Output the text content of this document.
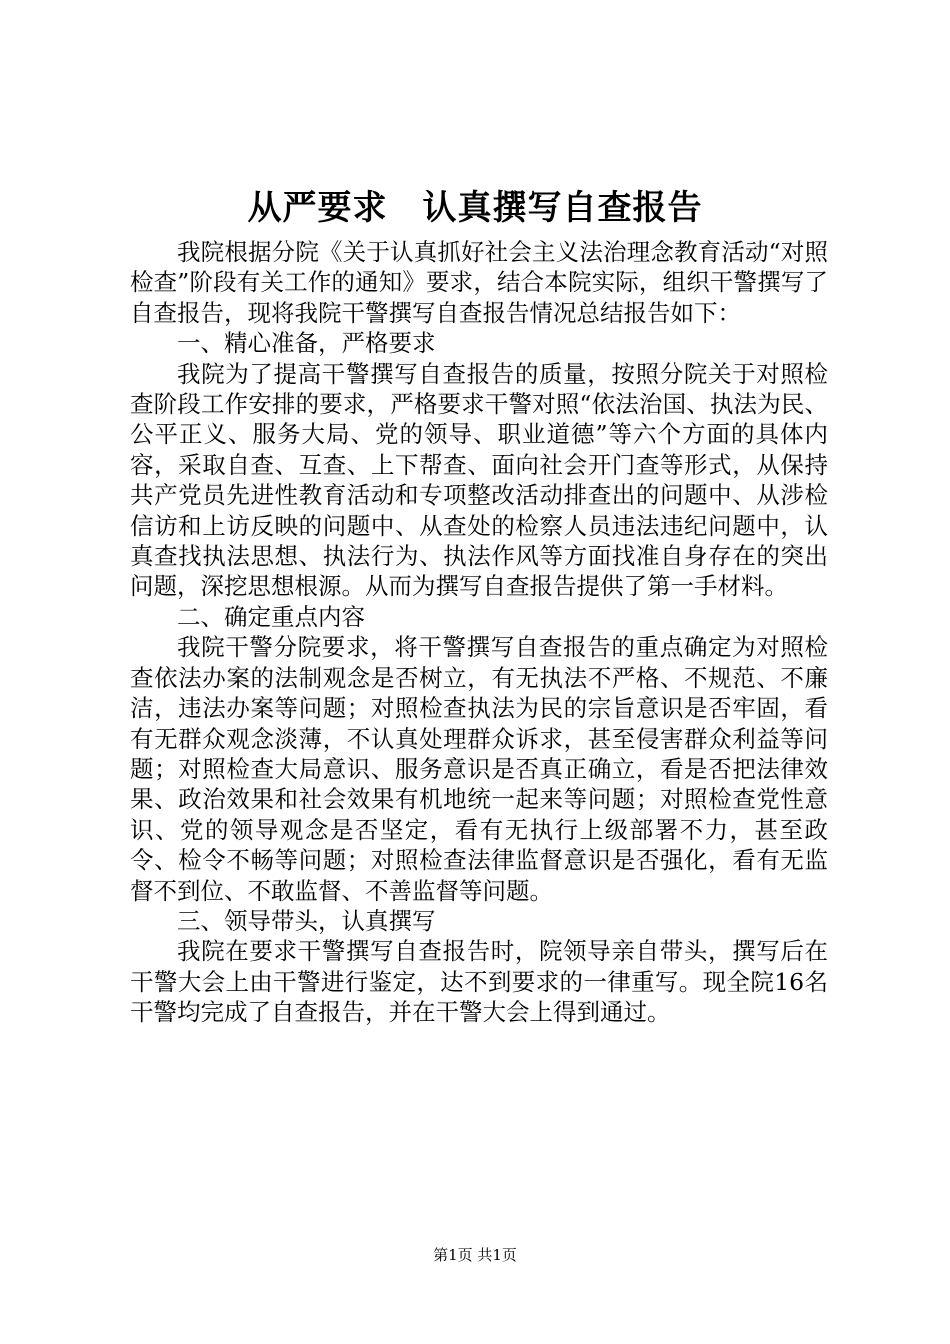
从严要求　认真撰写自查报告

我院根据分院《关于认真抓好社会主义法治理念教育活动“对照检查”阶段有关工作的通知》要求，结合本院实际，组织干警撰写了自查报告，现将我院干警撰写自查报告情况总结报告如下：

一、精心准备，严格要求

我院为了提高干警撰写自查报告的质量，按照分院关于对照检查阶段工作安排的要求，严格要求干警对照“依法治国、执法为民、公平正义、服务大局、党的领导、职业道德”等六个方面的具体内容，采取自查、互查、上下帮查、面向社会开门查等形式，从保持共产党员先进性教育活动和专项整改活动排查出的问题中、从涉检信访和上访反映的问题中、从查处的检察人员违法违纪问题中，认真查找执法思想、执法行为、执法作风等方面找准自身存在的突出问题，深挖思想根源。从而为撰写自查报告提供了第一手材料。

二、确定重点内容

我院干警分院要求，将干警撰写自查报告的重点确定为对照检查依法办案的法制观念是否树立，有无执法不严格、不规范、不廉洁，违法办案等问题；对照检查执法为民的宗旨意识是否牢固，看有无群众观念淡薄，不认真处理群众诉求，甚至侵害群众利益等问题；对照检查大局意识、服务意识是否真正确立，看是否把法律效果、政治效果和社会效果有机地统一起来等问题；对照检查党性意识、党的领导观念是否坚定，看有无执行上级部署不力，甚至政令、检令不畅等问题；对照检查法律监督意识是否强化，看有无监督不到位、不敢监督、不善监督等问题。

三、领导带头，认真撰写

我院在要求干警撰写自查报告时，院领导亲自带头，撰写后在干警大会上由干警进行鉴定，达不到要求的一律重写。现全院16名干警均完成了自查报告，并在干警大会上得到通过。

第1页 共1页
